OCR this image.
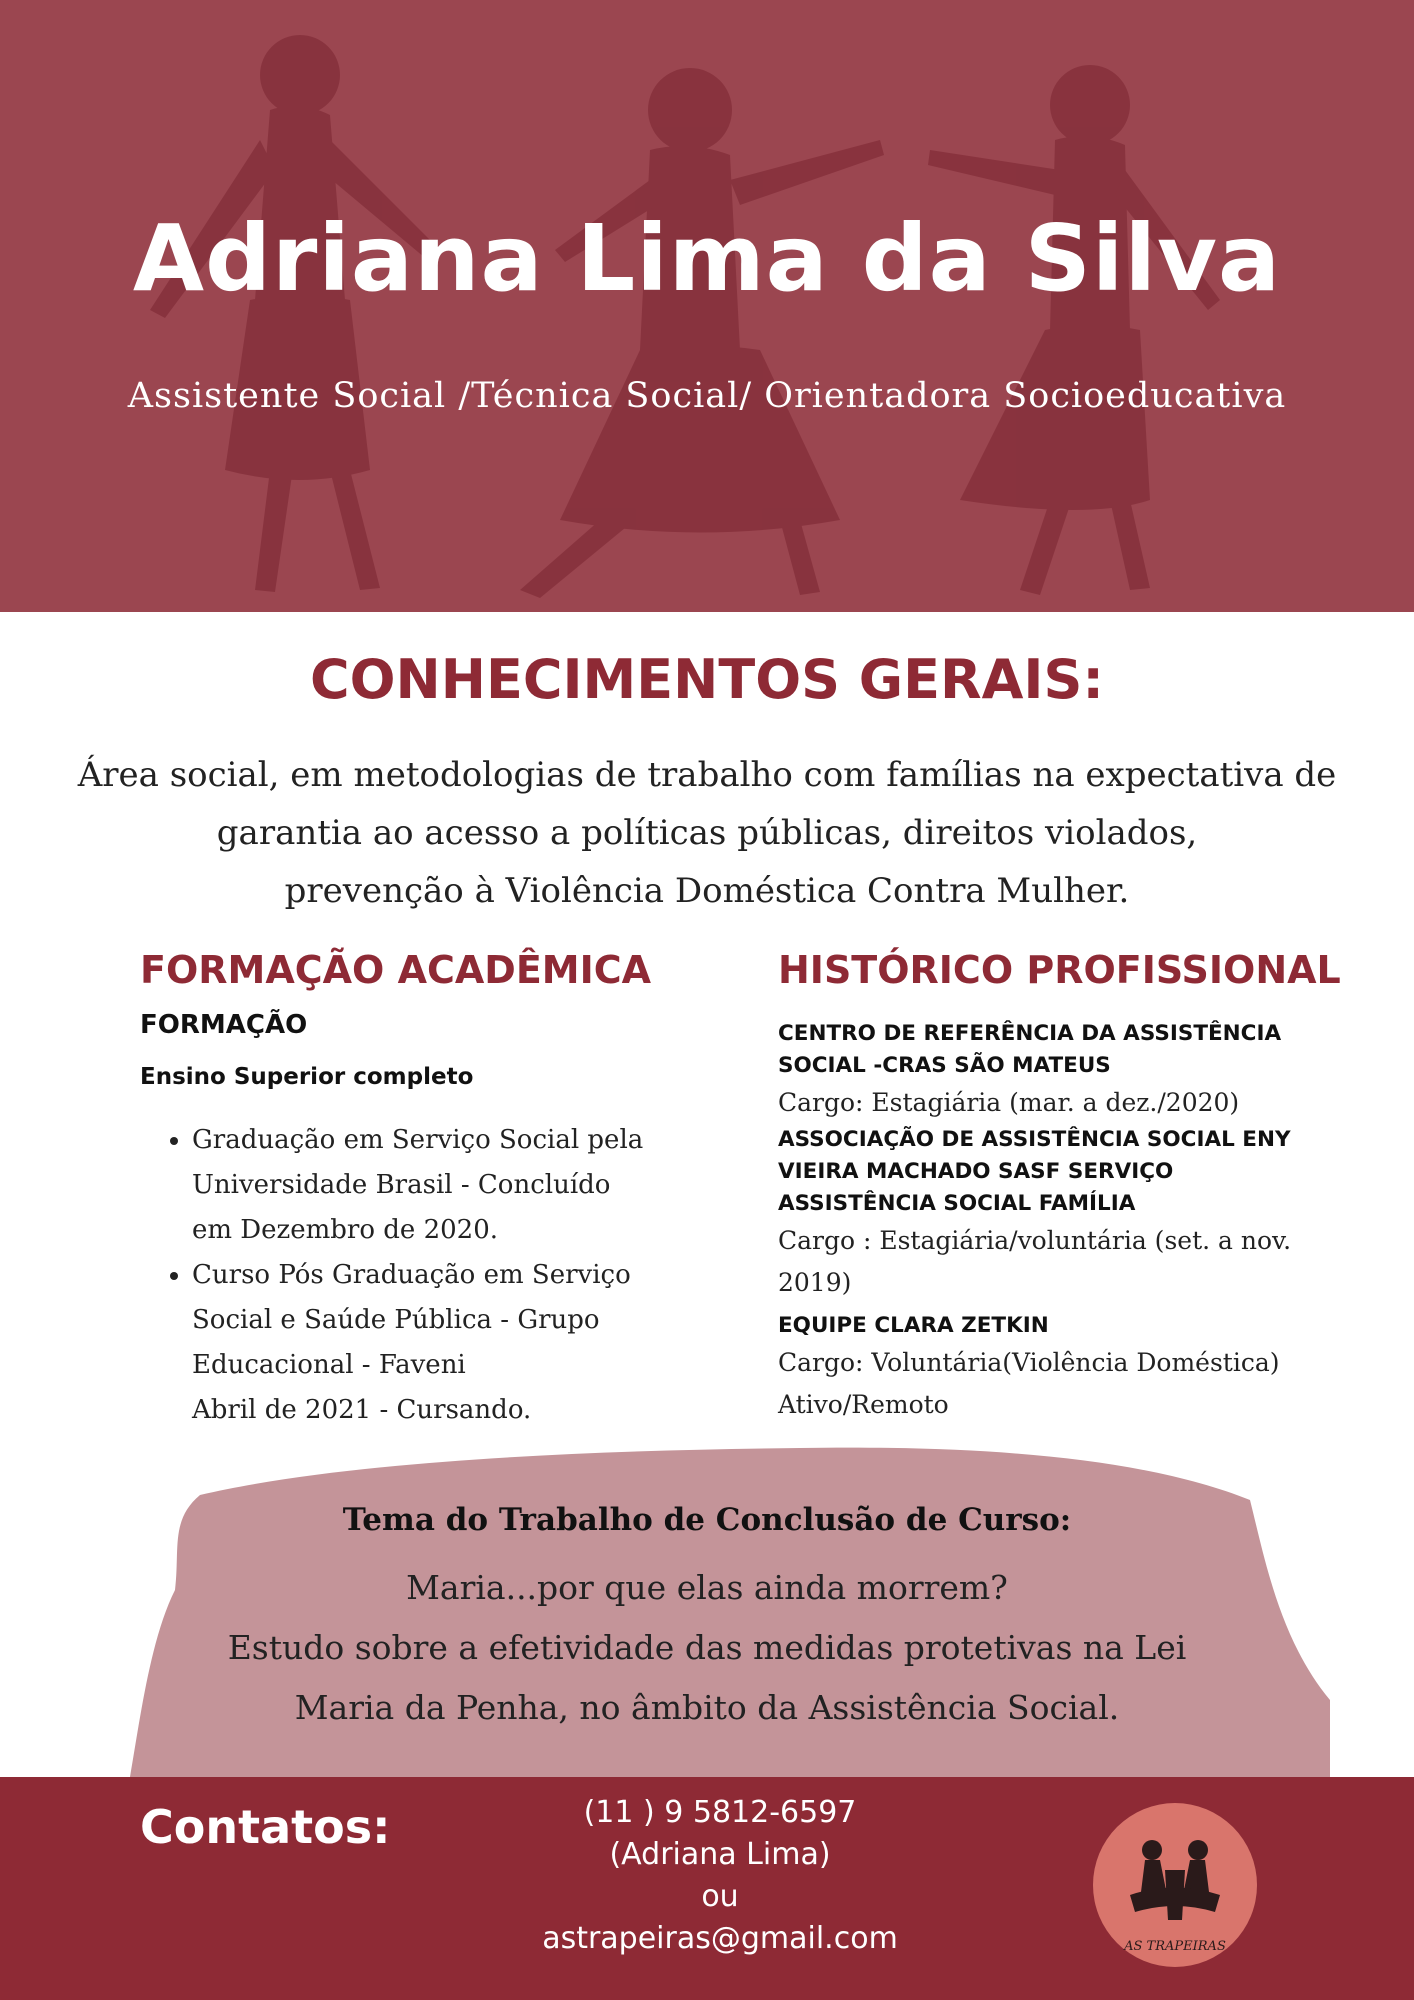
Adriana Lima da Silva
Assistente Social /Técnica Social/ Orientadora Socioeducativa
CONHECIMENTOS GERAIS:
Área social, em metodologias de trabalho com famílias na expectativa de
garantia ao acesso a políticas públicas, direitos violados,
prevenção à Violência Doméstica Contra Mulher.
FORMAÇÃO ACADÊMICA
FORMAÇÃO
Ensino Superior completo
• Graduação em Serviço Social pela
Universidade Brasil - Concluído
em Dezembro de 2020.
• Curso Pós Graduação em Serviço
Social e Saúde Pública - Grupo
Educacional - Faveni
Abril de 2021 - Cursando.
HISTÓRICO PROFISSIONAL
CENTRO DE REFERÊNCIA DA ASSISTÊNCIA
SOCIAL -CRAS SÃO MATEUS
Cargo: Estagiária (mar. a dez./2020)
ASSOCIAÇÃO DE ASSISTÊNCIA SOCIAL ENY
VIEIRA MACHADO SASF SERVIÇO
ASSISTÊNCIA SOCIAL FAMÍLIA
Cargo : Estagiária/voluntária (set. a nov.
2019)
EQUIPE CLARA ZETKIN
Cargo: Voluntária(Violência Doméstica)
Ativo/Remoto
Tema do Trabalho de Conclusão de Curso:
Maria...por que elas ainda morrem?
Estudo sobre a efetividade das medidas protetivas na Lei
Maria da Penha, no âmbito da Assistência Social.
Contatos:	(11 ) 9 5812-6597
(Adriana Lima)
ou
astrapeiras@gmail.com	AS TRAPEIRAS
